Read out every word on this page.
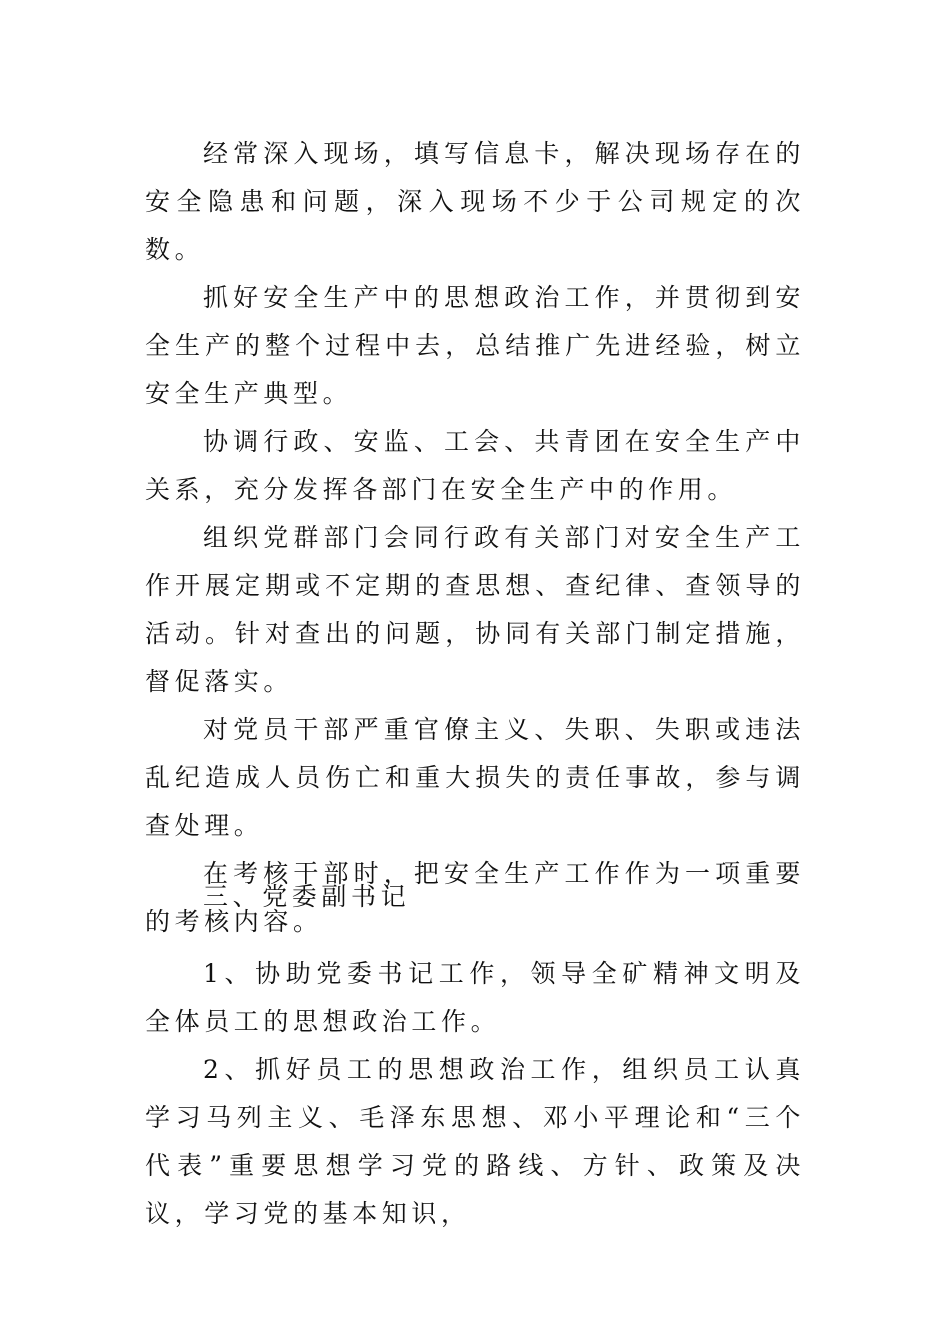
经常深入现场，填写信息卡，解决现场存在的安全隐患和问题，深入现场不少于公司规定的次数。

抓好安全生产中的思想政治工作，并贯彻到安全生产的整个过程中去，总结推广先进经验，树立安全生产典型。

协调行政、安监、工会、共青团在安全生产中关系，充分发挥各部门在安全生产中的作用。

组织党群部门会同行政有关部门对安全生产工作开展定期或不定期的查思想、查纪律、查领导的活动。针对查出的问题，协同有关部门制定措施，督促落实。

对党员干部严重官僚主义、失职、失职或违法乱纪造成人员伤亡和重大损失的责任事故，参与调查处理。

在考核干部时，把安全生产工作作为一项重要的考核内容。

三、党委副书记

1、协助党委书记工作，领导全矿精神文明及全体员工的思想政治工作。

2、抓好员工的思想政治工作，组织员工认真学习马列主义、毛泽东思想、邓小平理论和“三个代表”重要思想学习党的路线、方针、政策及决议，学习党的基本知识，
